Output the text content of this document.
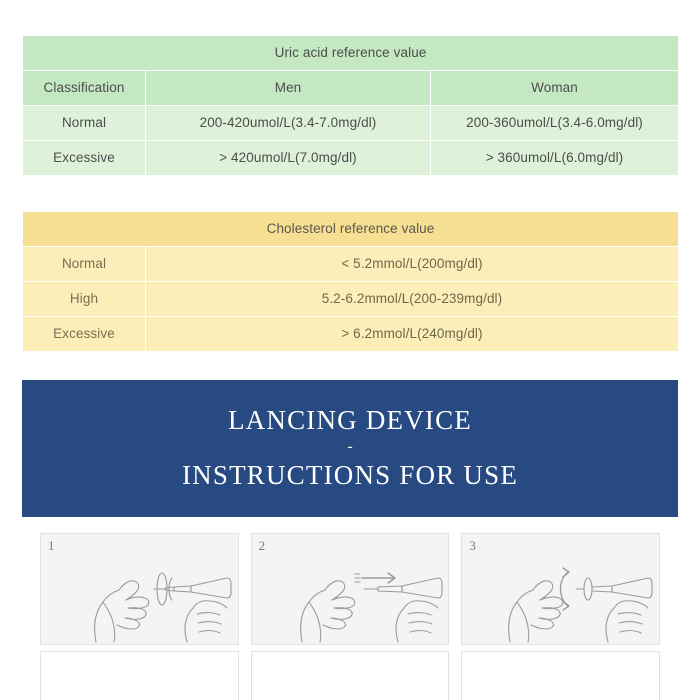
Uric acid reference value		
Classification	Men	Woman
Normal	200-420umol/L(3.4-7.0mg/dl)	200-360umol/L(3.4-6.0mg/dl)
Excessive	> 420umol/L(7.0mg/dl)	> 360umol/L(6.0mg/dl)

Cholesterol reference value	
Normal	< 5.2mmol/L(200mg/dl)
High	5.2-6.2mmol/L(200-239mg/dl)
Excessive	> 6.2mmol/L(240mg/dl)
LANCING DEVICE
-
INSTRUCTIONS FOR USE
1	2	3
